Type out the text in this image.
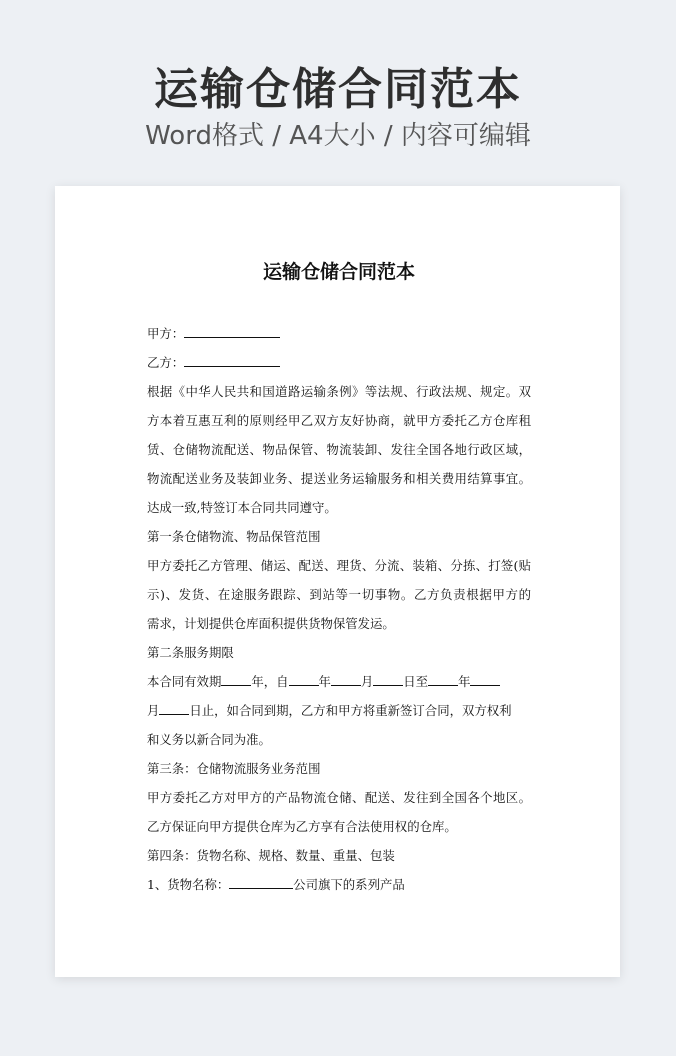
运输仓储合同范本
Word格式 / A4大小 / 内容可编辑
运输仓储合同范本
甲方：
乙方：
根据《中华人民共和国道路运输条例》等法规、行政法规、规定。双
方本着互惠互利的原则经甲乙双方友好协商，就甲方委托乙方仓库租
赁、仓储物流配送、物品保管、物流装卸、发往全国各地行政区域，
物流配送业务及装卸业务、提送业务运输服务和相关费用结算事宜。
达成一致,特签订本合同共同遵守。
第一条仓储物流、物品保管范围
甲方委托乙方管理、储运、配送、理货、分流、装箱、分拣、打签(贴
示)、发货、在途服务跟踪、到站等一切事物。乙方负责根据甲方的
需求，计划提供仓库面积提供货物保管发运。
第二条服务期限
本合同有效期 年，自 年 月 日至 年
月 日止，如合同到期，乙方和甲方将重新签订合同，双方权利
和义务以新合同为准。
第三条：仓储物流服务业务范围
甲方委托乙方对甲方的产品物流仓储、配送、发往到全国各个地区。
乙方保证向甲方提供仓库为乙方享有合法使用权的仓库。
第四条：货物名称、规格、数量、重量、包装
1、货物名称：	公司旗下的系列产品
